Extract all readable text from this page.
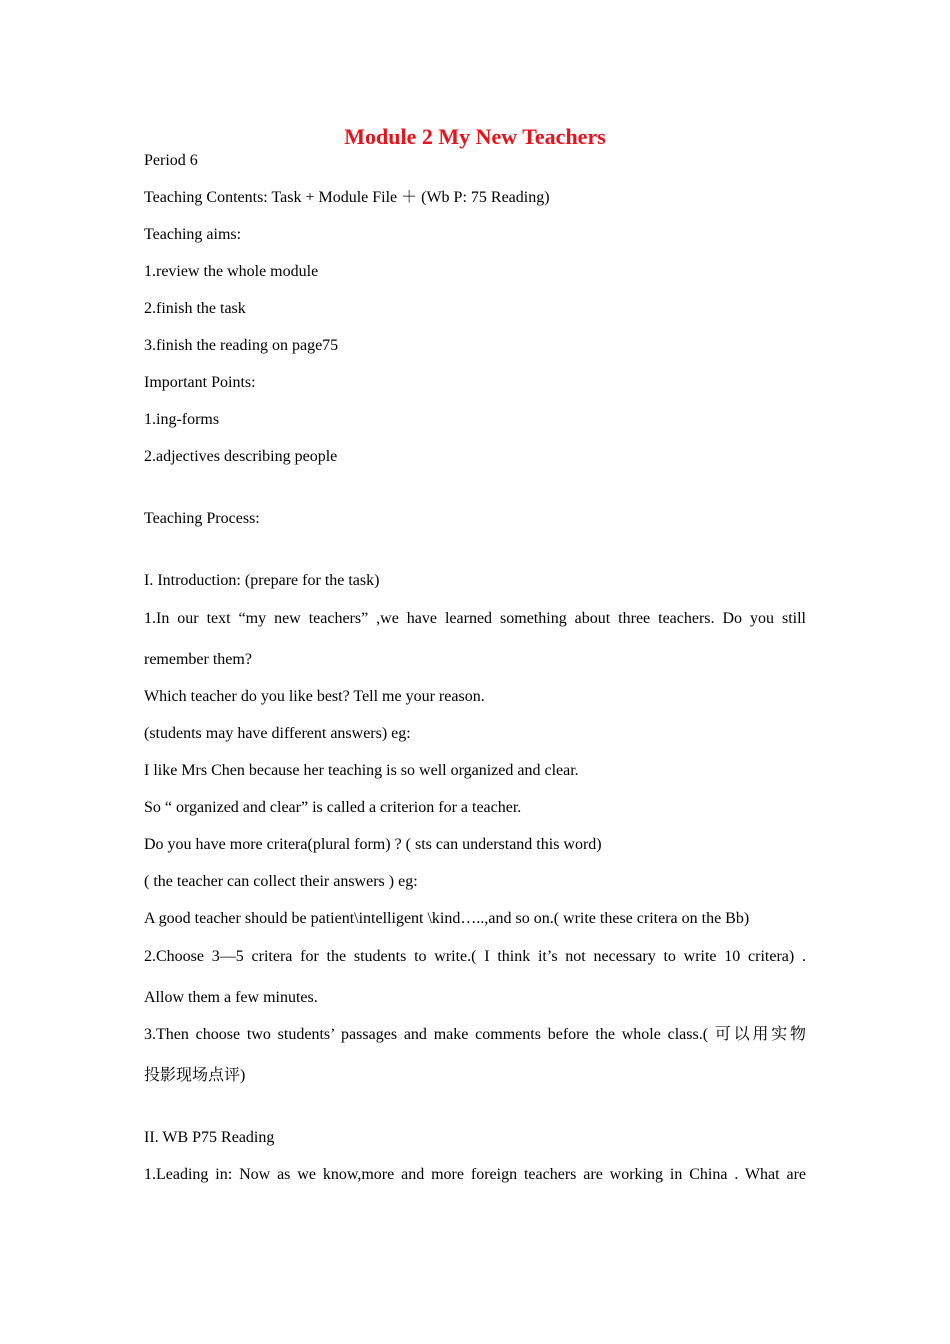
Module 2 My New Teachers
Period 6
Teaching Contents: Task + Module File ＋ (Wb P: 75 Reading)
Teaching aims:
1.review the whole module
2.finish the task
3.finish the reading on page75
Important Points:
1.ing-forms
2.adjectives describing people
Teaching Process:
I. Introduction: (prepare for the task)
1.In our text “my new teachers” ,we have learned something about three teachers. Do you still
remember them?
Which teacher do you like best? Tell me your reason.
(students may have different answers) eg:
I like Mrs Chen because her teaching is so well organized and clear.
So “ organized and clear” is called a criterion for a teacher.
Do you have more critera(plural form) ? ( sts can understand this word)
( the teacher can collect their answers ) eg:
A good teacher should be patient\intelligent \kind…..,and so on.( write these critera on the Bb)
2.Choose 3—5 critera for the students to write.( I think it’s not necessary to write 10 critera) .
Allow them a few minutes.
3.Then choose two students’ passages and make comments before the whole class.( 可以用实物
投影现场点评)
II. WB P75 Reading
1.Leading in: Now as we know,more and more foreign teachers are working in China . What are
